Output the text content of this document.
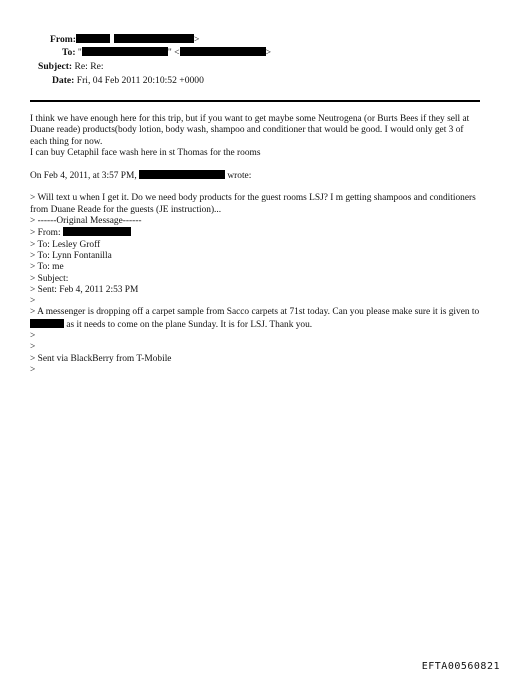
From:	>
To: "	" <	>
Subject: Re: Re:
Date: Fri, 04 Feb 2011 20:10:52 +0000

I think we have enough here for this trip, but if you want to get maybe some Neutrogena (or Burts Bees if they sell at Duane reade) products(body lotion, body wash, shampoo and conditioner that would be good. I would only get 3 of each thing for now.

I can buy Cetaphil face wash here in st Thomas for the rooms

On Feb 4, 2011, at 3:57 PM,	wrote:

> Will text u when I get it. Do we need body products for the guest rooms LSJ? I m getting shampoos and conditioners from Duane Reade for the guests (JE instruction)...

> ------Original Message------

> From:

> To: Lesley Groff

> To: Lynn Fontanilla

> To: me

> Subject:

> Sent: Feb 4, 2011 2:53 PM

>

> A messenger is dropping off a carpet sample from Sacco carpets at 71st today. Can you please make sure it is given to  as it needs to come on the plane Sunday. It is for LSJ. Thank you.

>

>

> Sent via BlackBerry from T-Mobile

>

EFTA00560821
